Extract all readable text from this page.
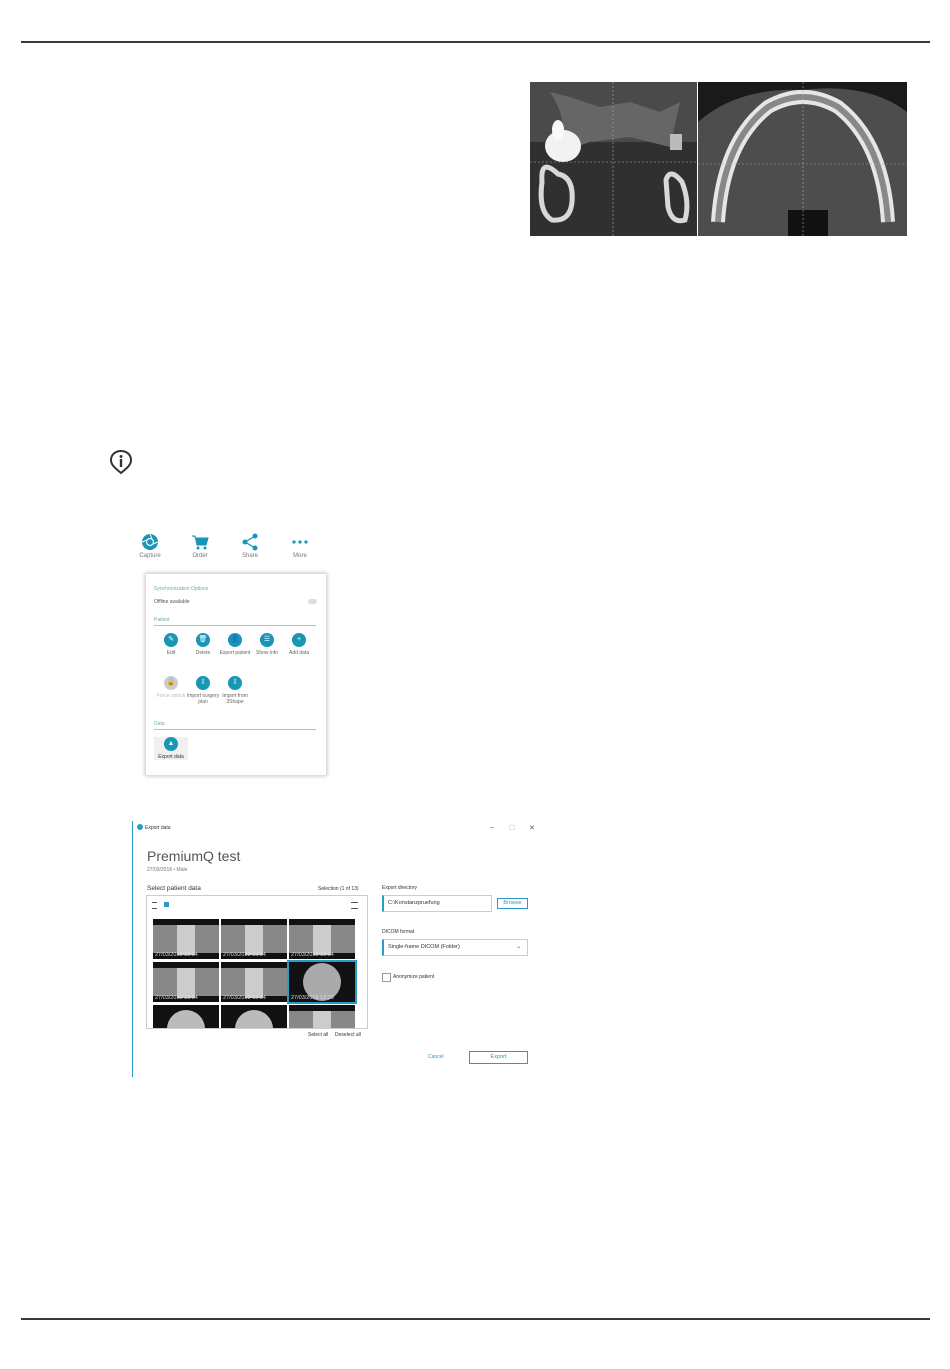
Capture	Order	Share	More
Synchronization Options
Offline available
Patient
✎
Edit
🗑
Delete
👤
Export patient
☰
Show info
+
Add data
🔒
Force unlock
⇩
Import surgery plan
⇩
Import from 3Shape
Data
▲
Export data
Export data	– ☐ ✕
PremiumQ test
27/03/2018 • Male
Select patient data	Selection (1 of 13)
27/03/2018 13:54	27/03/2018 13:54	27/03/2018 13:54
27/03/2018 13:54	27/03/2018 13:54	27/03/2018 12:23
Select all Deselect all
Export directory
C:\Konstanzpruefung	Browse
DICOM format
Single-frame DICOM (Folder)	⌄
Anonymize patient
Cancel	Export
